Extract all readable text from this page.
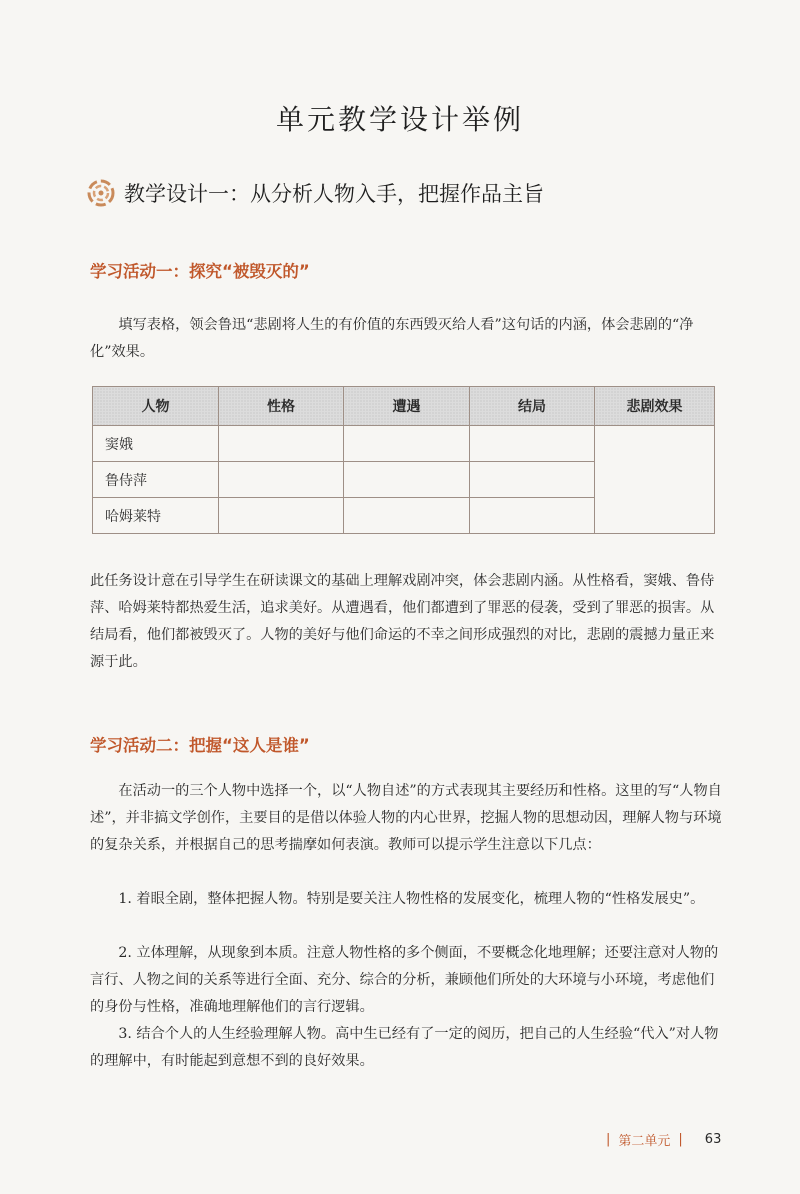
单元教学设计举例
教学设计一：从分析人物入手，把握作品主旨
学习活动一：探究“被毁灭的”
填写表格，领会鲁迅“悲剧将人生的有价值的东西毁灭给人看”这句话的内涵，体会悲剧的“净化”效果。
人物	性格	遭遇	结局	悲剧效果
窦娥				
鲁侍萍				
哈姆莱特				
此任务设计意在引导学生在研读课文的基础上理解戏剧冲突，体会悲剧内涵。从性格看，窦娥、鲁侍萍、哈姆莱特都热爱生活，追求美好。从遭遇看，他们都遭到了罪恶的侵袭，受到了罪恶的损害。从结局看，他们都被毁灭了。人物的美好与他们命运的不幸之间形成强烈的对比，悲剧的震撼力量正来源于此。
学习活动二：把握“这人是谁”
在活动一的三个人物中选择一个，以“人物自述”的方式表现其主要经历和性格。这里的写“人物自述”，并非搞文学创作，主要目的是借以体验人物的内心世界，挖掘人物的思想动因，理解人物与环境的复杂关系，并根据自己的思考揣摩如何表演。教师可以提示学生注意以下几点：
1. 着眼全剧，整体把握人物。特别是要关注人物性格的发展变化，梳理人物的“性格发展史”。
2. 立体理解，从现象到本质。注意人物性格的多个侧面，不要概念化地理解；还要注意对人物的言行、人物之间的关系等进行全面、充分、综合的分析，兼顾他们所处的大环境与小环境，考虑他们的身份与性格，准确地理解他们的言行逻辑。
3. 结合个人的人生经验理解人物。高中生已经有了一定的阅历，把自己的人生经验“代入”对人物的理解中，有时能起到意想不到的良好效果。
| 第二单元 | 63
